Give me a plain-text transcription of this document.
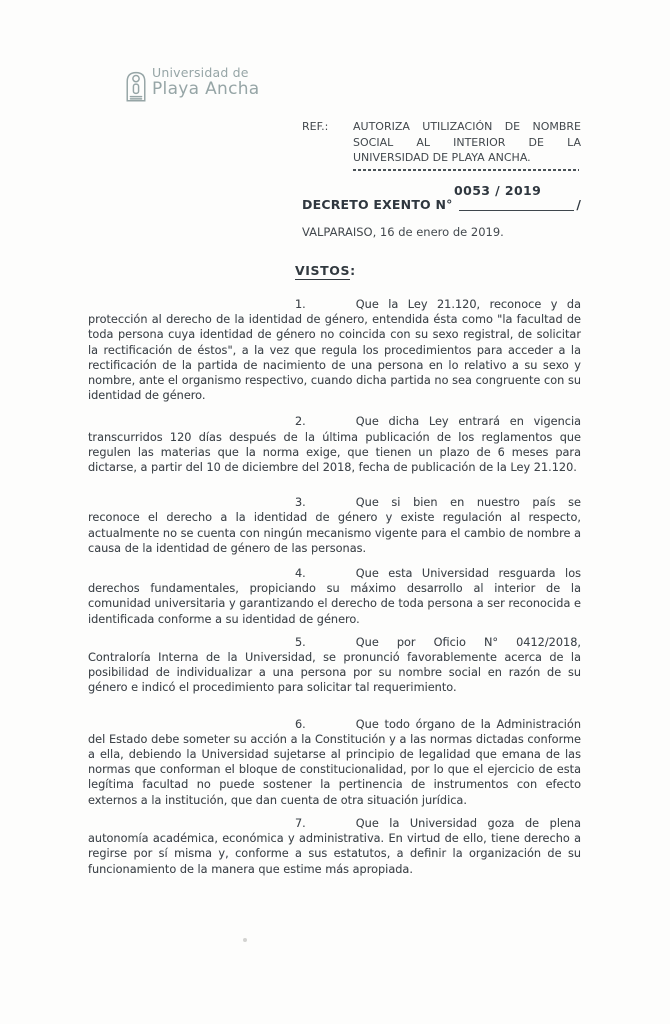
Universidad de
Playa Ancha
REF.:	AUTORIZA UTILIZACIÓN DE NOMBRE SOCIAL AL INTERIOR DE LA UNIVERSIDAD DE PLAYA ANCHA.
0053 / 2019
DECRETO EXENTO N°	/
VALPARAISO, 16 de enero de 2019.
VISTOS:

1.	Que la Ley 21.120, reconoce y da protección al derecho de la identidad de género, entendida ésta como "la facultad de toda persona cuya identidad de género no coincida con su sexo registral, de solicitar la rectificación de éstos", a la vez que regula los procedimientos para acceder a la rectificación de la partida de nacimiento de una persona en lo relativo a su sexo y nombre, ante el organismo respectivo, cuando dicha partida no sea congruente con su identidad de género.

2.	Que dicha Ley entrará en vigencia transcurridos 120 días después de la última publicación de los reglamentos que regulen las materias que la norma exige, que tienen un plazo de 6 meses para dictarse, a partir del 10 de diciembre del 2018, fecha de publicación de la Ley 21.120.

3.	Que si bien en nuestro país se reconoce el derecho a la identidad de género y existe regulación al respecto, actualmente no se cuenta con ningún mecanismo vigente para el cambio de nombre a causa de la identidad de género de las personas.

4.	Que esta Universidad resguarda los derechos fundamentales, propiciando su máximo desarrollo al interior de la comunidad universitaria y garantizando el derecho de toda persona a ser reconocida e identificada conforme a su identidad de género.

5.	Que por Oficio N° 0412/2018, Contraloría Interna de la Universidad, se pronunció favorablemente acerca de la posibilidad de individualizar a una persona por su nombre social en razón de su género e indicó el procedimiento para solicitar tal requerimiento.

6.	Que todo órgano de la Administración del Estado debe someter su acción a la Constitución y a las normas dictadas conforme a ella, debiendo la Universidad sujetarse al principio de legalidad que emana de las normas que conforman el bloque de constitucionalidad, por lo que el ejercicio de esta legítima facultad no puede sostener la pertinencia de instrumentos con efecto externos a la institución, que dan cuenta de otra situación jurídica.

7.	Que la Universidad goza de plena autonomía académica, económica y administrativa. En virtud de ello, tiene derecho a regirse por sí misma y, conforme a sus estatutos, a definir la organización de su funcionamiento de la manera que estime más apropiada.
